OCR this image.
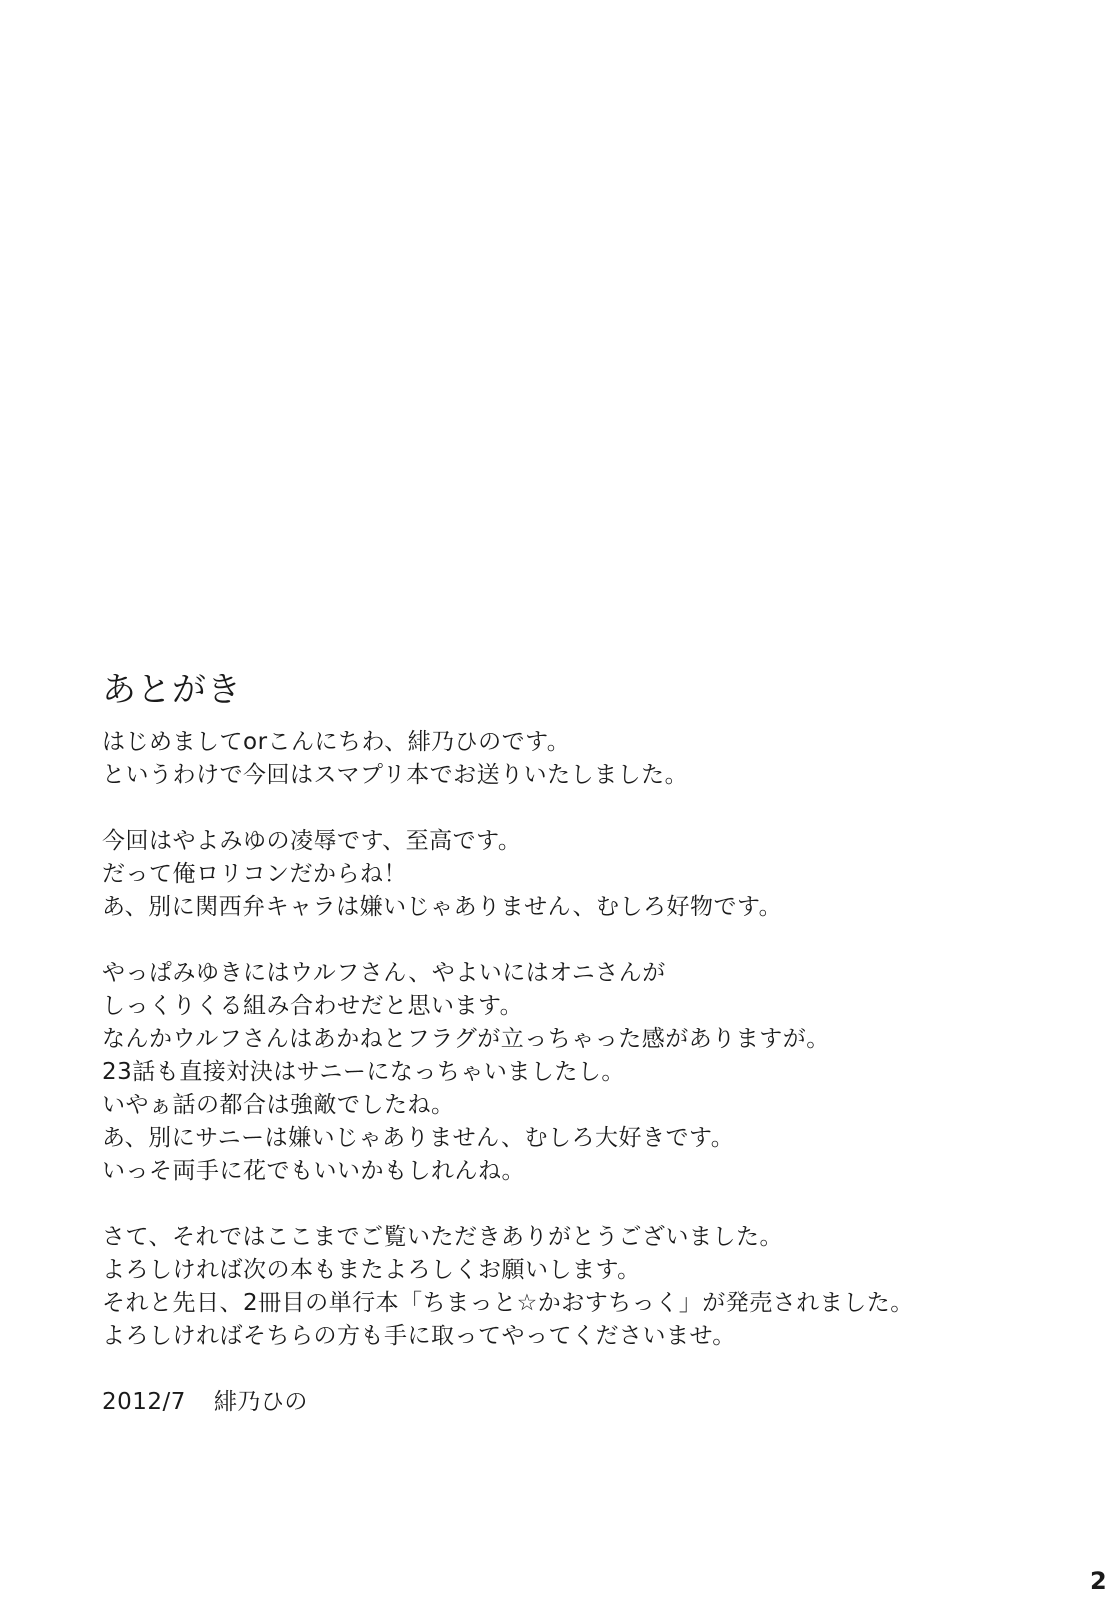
あとがき
はじめましてorこんにちわ、緋乃ひのです。
というわけで今回はスマプリ本でお送りいたしました。
今回はやよみゆの凌辱です、至高です。
だって俺ロリコンだからね！
あ、別に関西弁キャラは嫌いじゃありません、むしろ好物です。
やっぱみゆきにはウルフさん、やよいにはオニさんが
しっくりくる組み合わせだと思います。
なんかウルフさんはあかねとフラグが立っちゃった感がありますが。
23話も直接対決はサニーになっちゃいましたし。
いやぁ話の都合は強敵でしたね。
あ、別にサニーは嫌いじゃありません、むしろ大好きです。
いっそ両手に花でもいいかもしれんね。
さて、それではここまでご覧いただきありがとうございました。
よろしければ次の本もまたよろしくお願いします。
それと先日、2冊目の単行本「ちまっと☆かおすちっく」が発売されました。
よろしければそちらの方も手に取ってやってくださいませ。
2012/7 緋乃ひの
2
